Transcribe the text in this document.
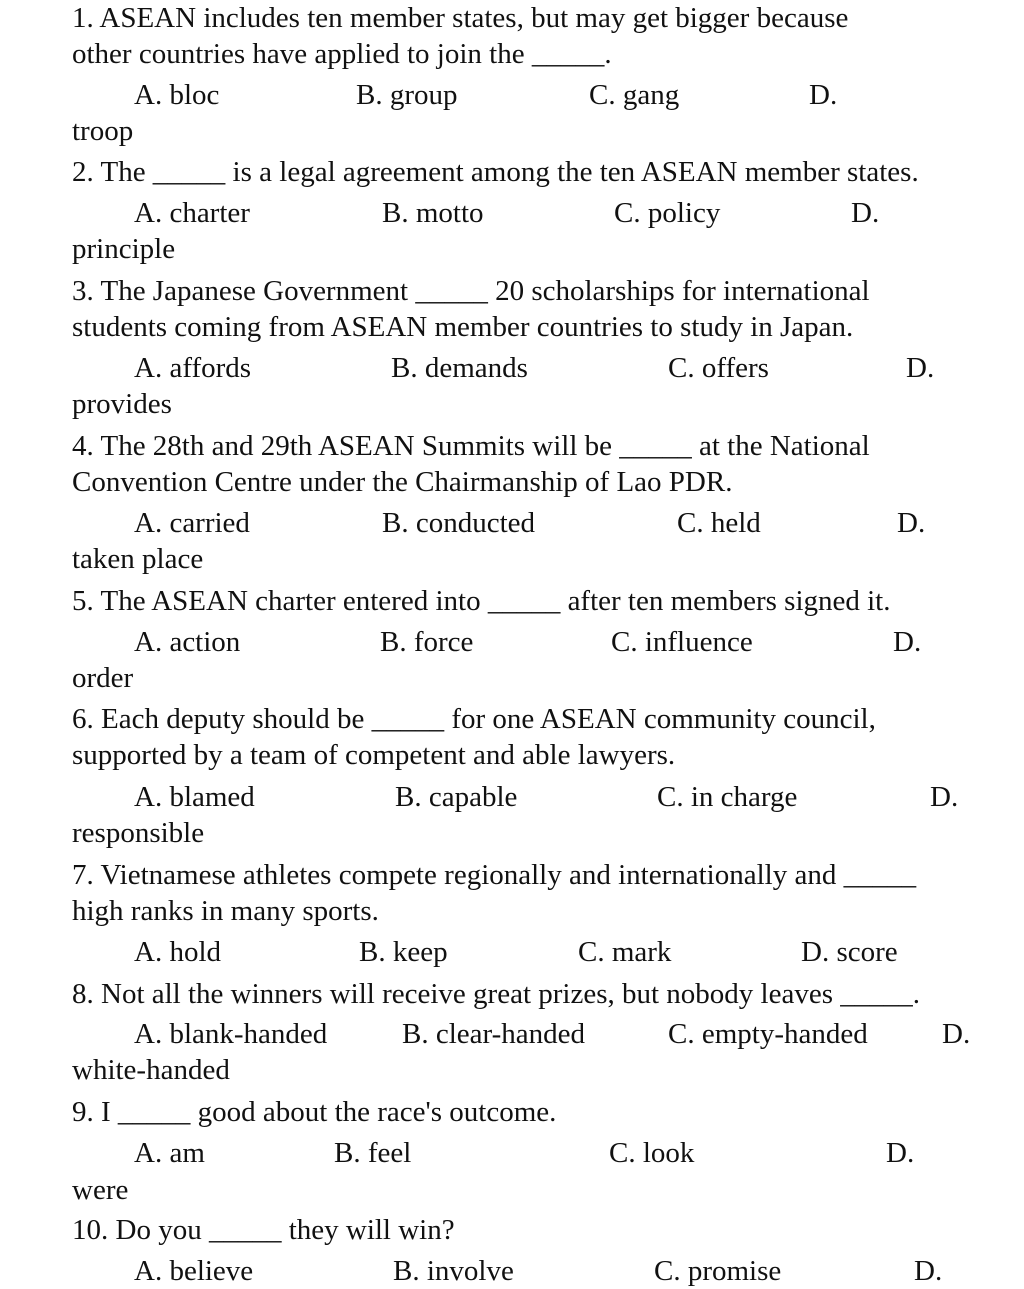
1. ASEAN includes ten member states, but may get bigger because
other countries have applied to join the _____.
A. bloc	B. group	C. gang	D.
troop
2. The _____ is a legal agreement among the ten ASEAN member states.
A. charter	B. motto	C. policy	D.
principle
3. The Japanese Government _____ 20 scholarships for international
students coming from ASEAN member countries to study in Japan.
A. affords	B. demands	C. offers	D.
provides
4. The 28th and 29th ASEAN Summits will be _____ at the National
Convention Centre under the Chairmanship of Lao PDR.
A. carried	B. conducted	C. held	D.
taken place
5. The ASEAN charter entered into _____ after ten members signed it.
A. action	B. force	C. influence	D.
order
6. Each deputy should be _____ for one ASEAN community council,
supported by a team of competent and able lawyers.
A. blamed	B. capable	C. in charge	D.
responsible
7. Vietnamese athletes compete regionally and internationally and _____
high ranks in many sports.
A. hold	B. keep	C. mark	D. score
8. Not all the winners will receive great prizes, but nobody leaves _____.
A. blank-handed	B. clear-handed	C. empty-handed	D.
white-handed
9. I _____ good about the race's outcome.
A. am	B. feel	C. look	D.
were
10. Do you _____ they will win?
A. believe	B. involve	C. promise	D.
